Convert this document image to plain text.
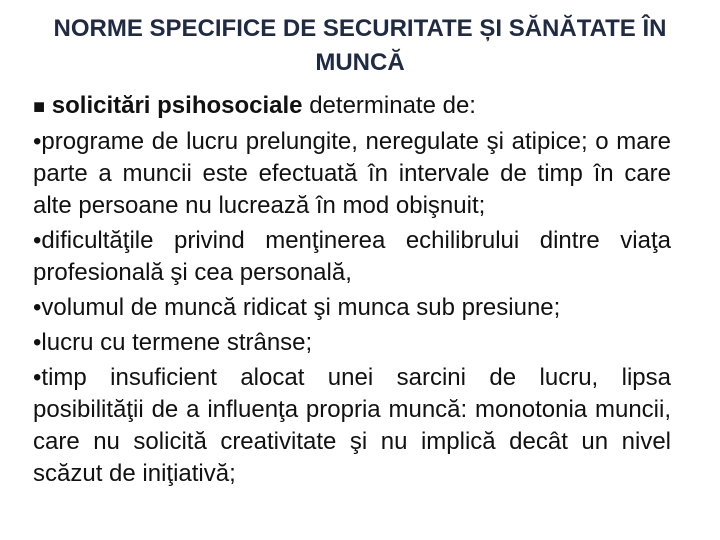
NORME SPECIFICE DE SECURITATE ȘI SĂNĂTATE ÎN MUNCĂ

■ solicitări psihosociale determinate de:

•programe de lucru prelungite, neregulate şi atipice; o mare parte a muncii este efectuată în intervale de timp în care alte persoane nu lucrează în mod obişnuit;

•dificultăţile privind menţinerea echilibrului dintre viaţa profesională şi cea personală,

•volumul de muncă ridicat şi munca sub presiune;

•lucru cu termene strânse;

•timp insuficient alocat unei sarcini de lucru, lipsa posibilităţii de a influenţa propria muncă: monotonia muncii, care nu solicită creativitate şi nu implică decât un nivel scăzut de iniţiativă;
